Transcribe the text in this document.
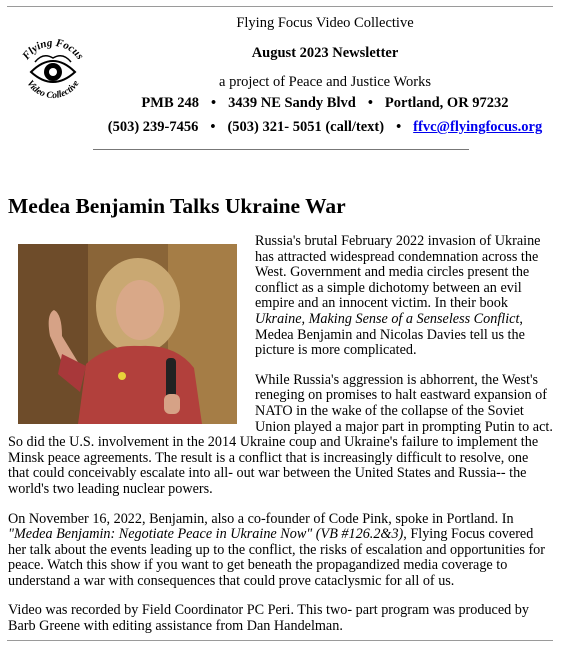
Flying Focus
Video Collective
Flying Focus Video Collective
August 2023 Newsletter
a project of Peace and Justice Works
PMB 248 • 3439 NE Sandy Blvd • Portland, OR 97232
(503) 239-7456 • (503) 321- 5051 (call/text) • ffvc@flyingfocus.org
Medea Benjamin Talks Ukraine War

Russia's brutal February 2022 invasion of Ukraine has attracted widespread condemnation across the West. Government and media circles present the conflict as a simple dichotomy between an evil empire and an innocent victim. In their book Ukraine, Making Sense of a Senseless Conflict, Medea Benjamin and Nicolas Davies tell us the picture is more complicated.

While Russia's aggression is abhorrent, the West's reneging on promises to halt eastward expansion of NATO in the wake of the collapse of the Soviet Union played a major part in prompting Putin to act. So did the U.S. involvement in the 2014 Ukraine coup and Ukraine's failure to implement the Minsk peace agreements. The result is a conflict that is increasingly difficult to resolve, one that could conceivably escalate into all- out war between the United States and Russia-- the world's two leading nuclear powers.

On November 16, 2022, Benjamin, also a co-founder of Code Pink, spoke in Portland. In "Medea Benjamin: Negotiate Peace in Ukraine Now" (VB #126.2&3), Flying Focus covered her talk about the events leading up to the conflict, the risks of escalation and opportunities for peace. Watch this show if you want to get beneath the propagandized media coverage to understand a war with consequences that could prove cataclysmic for all of us.

Video was recorded by Field Coordinator PC Peri. This two- part program was produced by Barb Greene with editing assistance from Dan Handelman.
